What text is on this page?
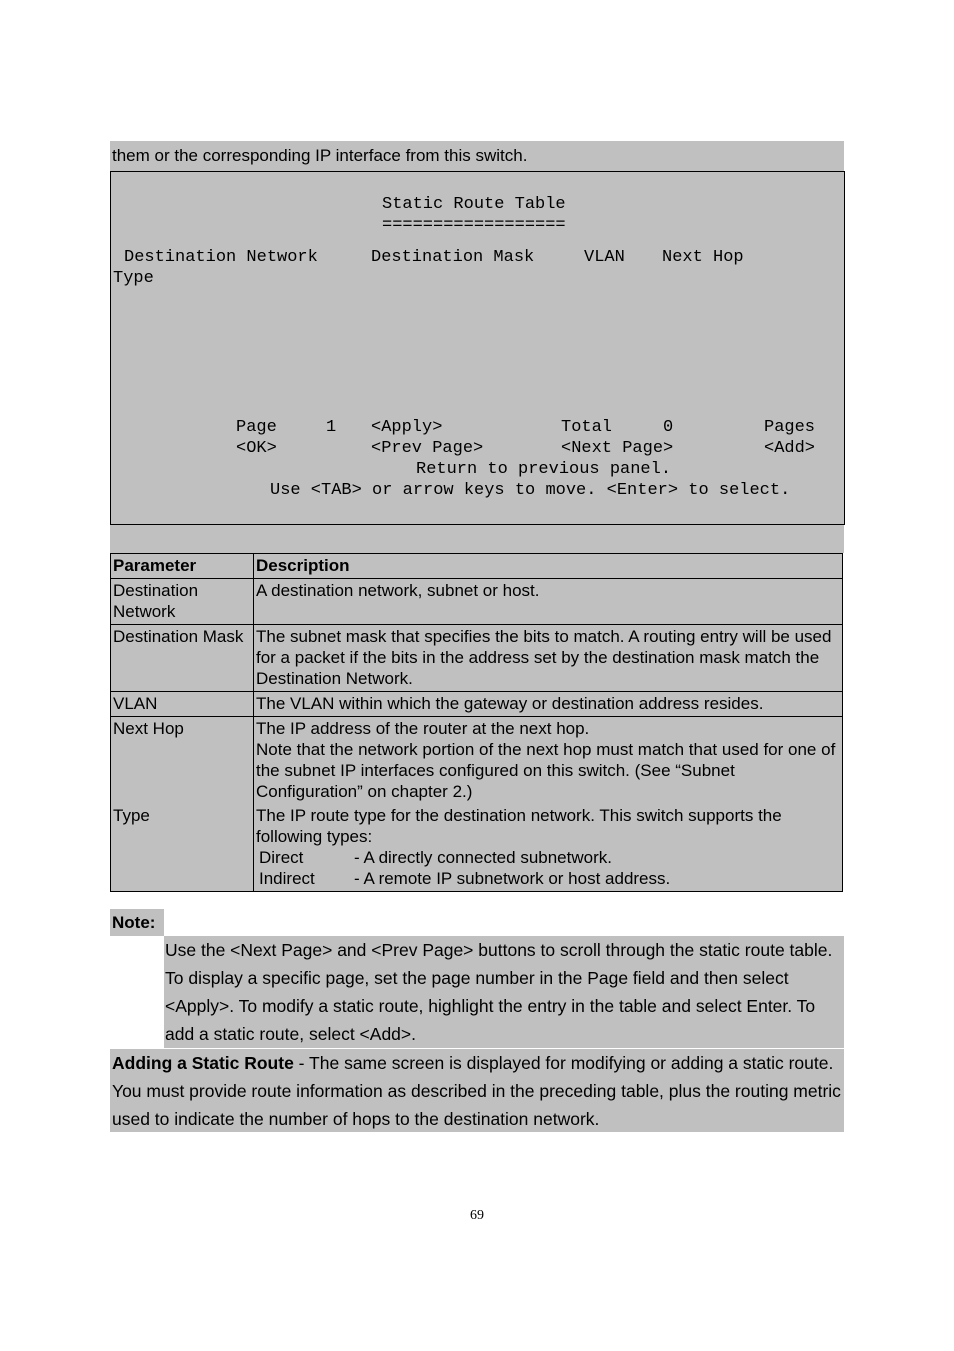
them or the corresponding IP interface from this switch.
Static Route Table
==================
Destination Network	Destination Mask	VLAN Next Hop
Type
Page	1 <Apply>	Total	0	Pages
<OK>	<Prev Page>	<Next Page>	<Add>
Return to previous panel.
Use <TAB> or arrow keys to move. <Enter> to select.
Parameter	Description
Destination Network	A destination network, subnet or host.
Destination Mask	The subnet mask that specifies the bits to match. A routing entry will be used for a packet if the bits in the address set by the destination mask match the Destination Network.
VLAN	The VLAN within which the gateway or destination address resides.
Next Hop	The IP address of the router at the next hop.
Note that the network portion of the next hop must match that used for one of the subnet IP interfaces configured on this switch. (See “Subnet Configuration” on chapter 2.)

Type	The IP route type for the destination network. This switch supports the following types:
Direct - A directly connected subnetwork.
Indirect - A remote IP subnetwork or host address.
Note:
Use the <Next Page> and <Prev Page> buttons to scroll through the static route table. To display a specific page, set the page number in the Page field and then select <Apply>. To modify a static route, highlight the entry in the table and select Enter. To add a static route, select <Add>.
Adding a Static Route - The same screen is displayed for modifying or adding a static route. You must provide route information as described in the preceding table, plus the routing metric used to indicate the number of hops to the destination network.
69
